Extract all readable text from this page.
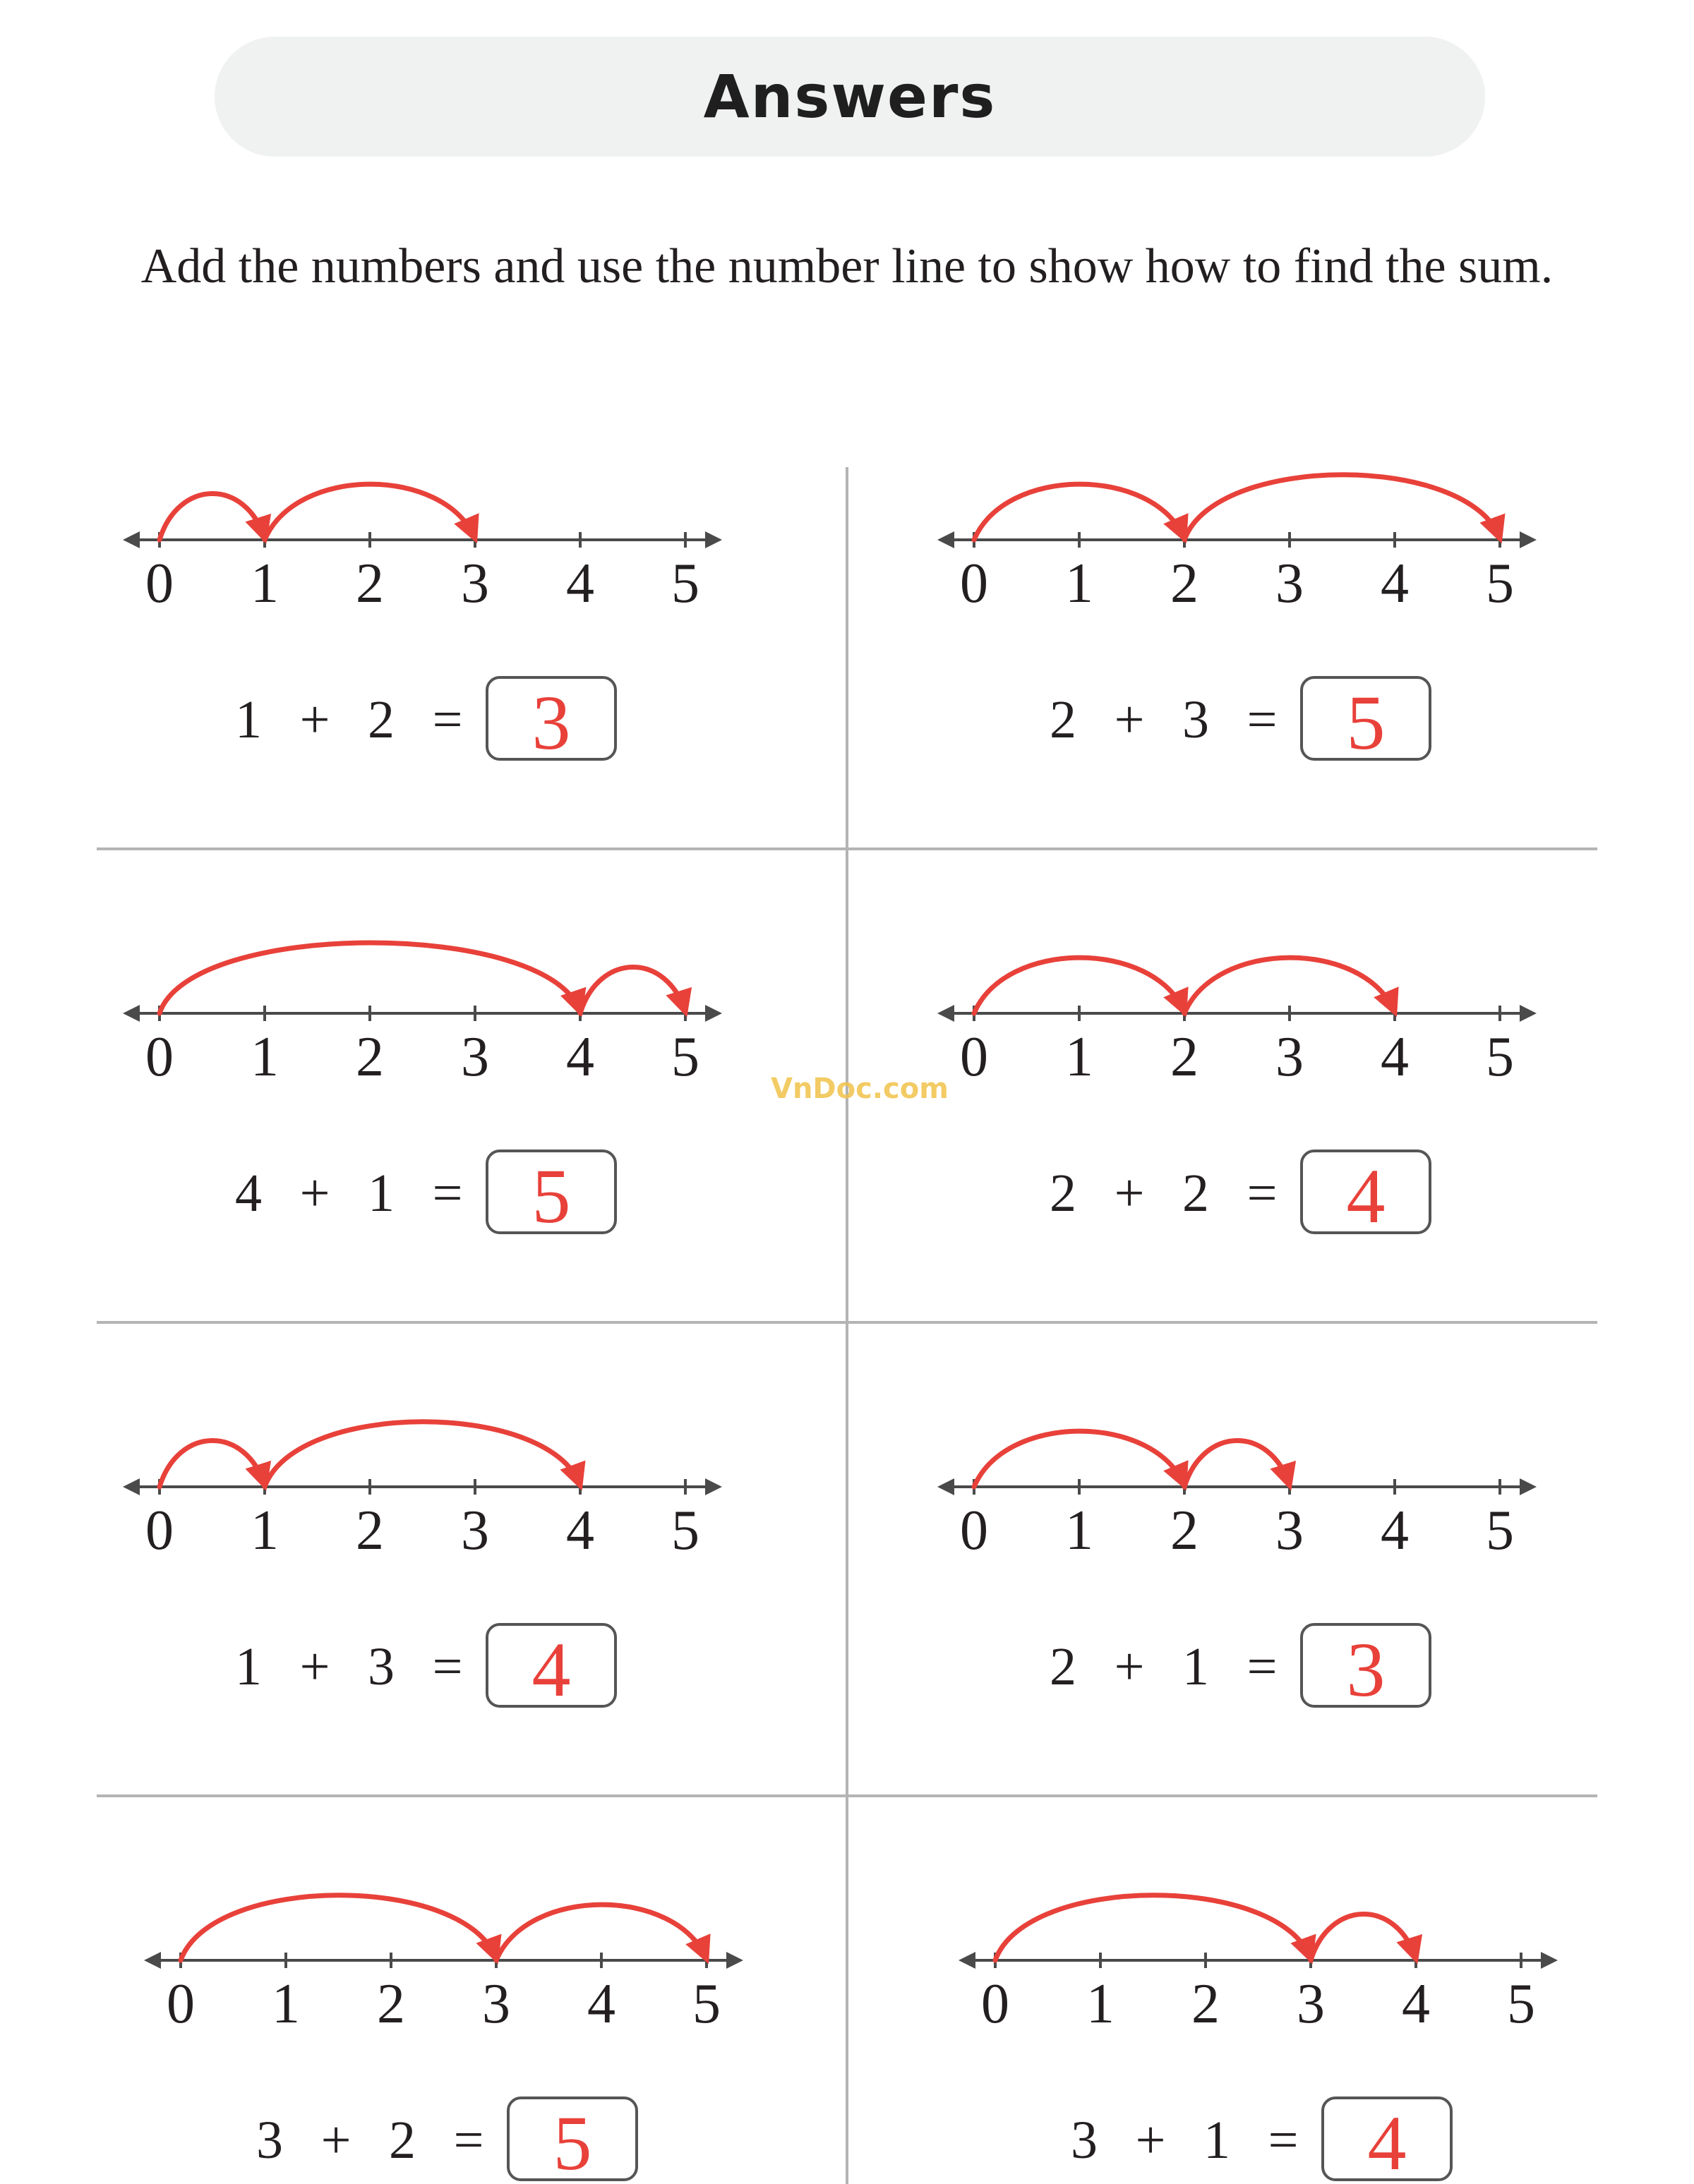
Answers
Add the numbers and use the number line to show how to find the sum.
0 1 2 3 4 5
1 + 2 = 3
0 1 2 3 4 5
2 + 3 = 5
0 1 2 3 4 5
4 + 1 = 5
0 1 2 3 4 5
2 + 2 = 4
0 1 2 3 4 5
1 + 3 = 4
0 1 2 3 4 5
2 + 1 = 3
0 1 2 3 4 5
3 + 2 = 5
0 1 2 3 4 5
3 + 1 = 4
VnDoc.com
